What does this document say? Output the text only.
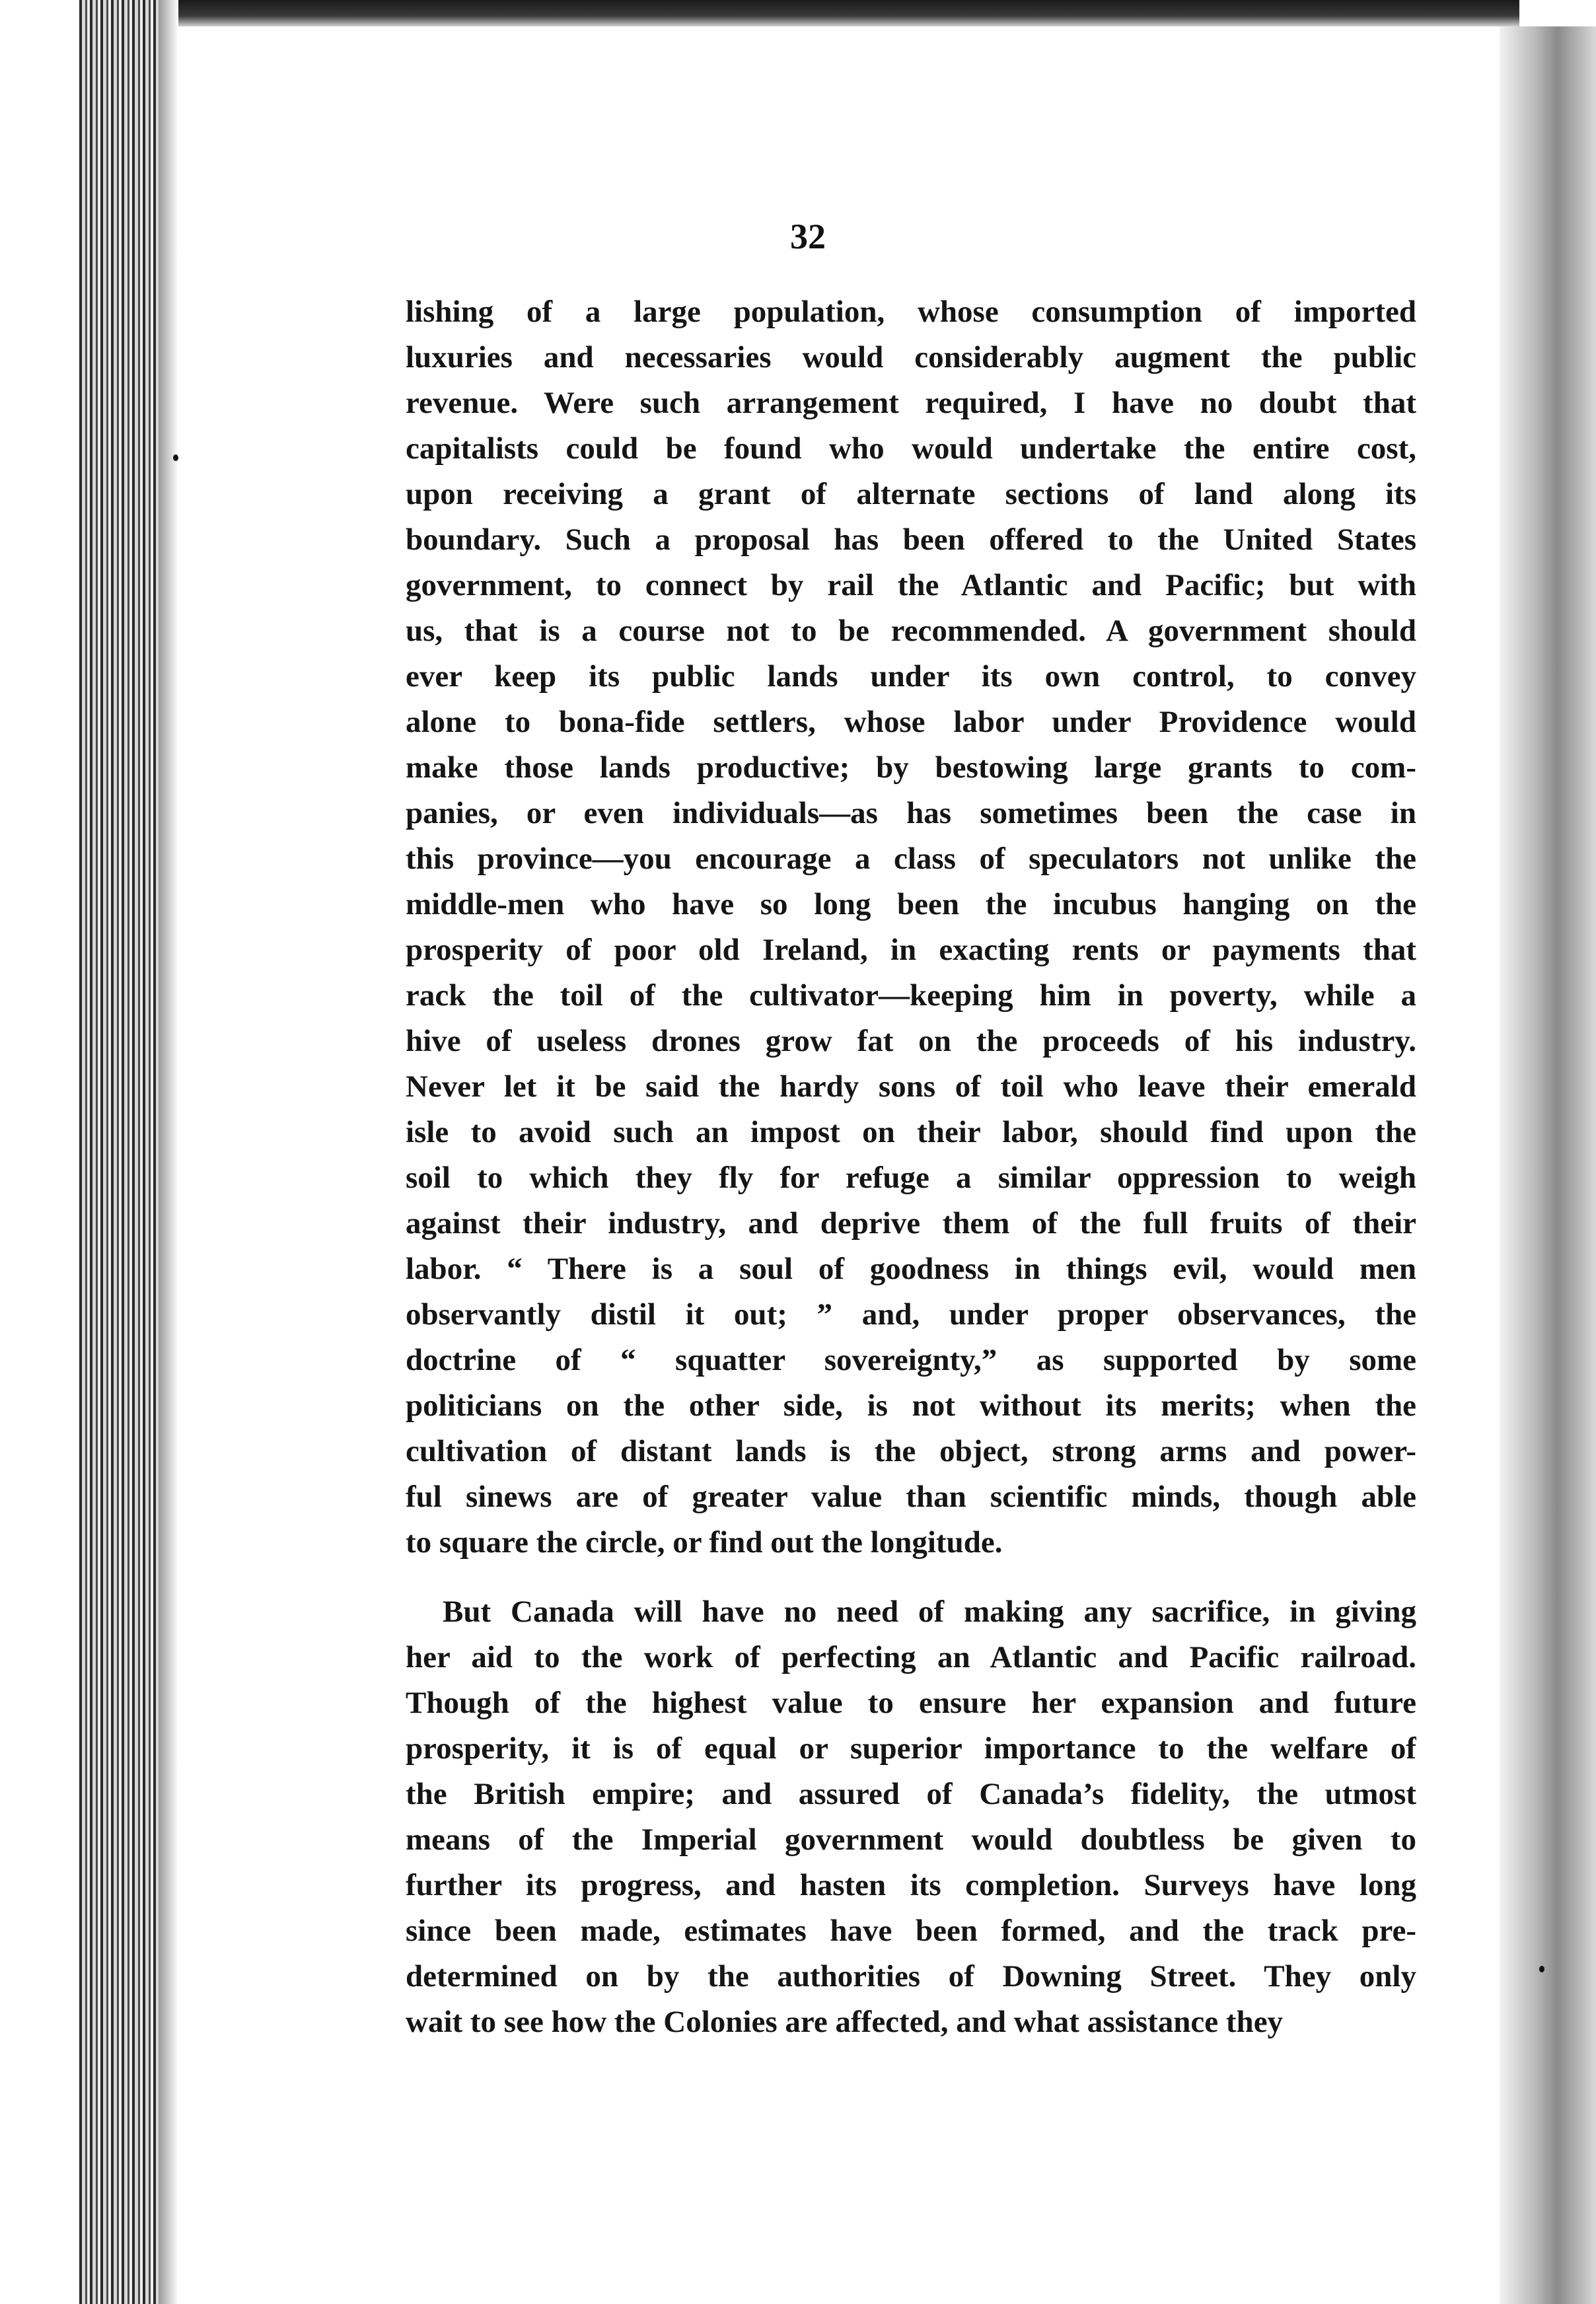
32
lishing of a large population, whose consumption of imported
luxuries and necessaries would considerably augment the public
revenue. Were such arrangement required, I have no doubt that
capitalists could be found who would undertake the entire cost,
upon receiving a grant of alternate sections of land along its
boundary. Such a proposal has been offered to the United States
government, to connect by rail the Atlantic and Pacific; but with
us, that is a course not to be recommended. A government should
ever keep its public lands under its own control, to convey
alone to bona-fide settlers, whose labor under Providence would
make those lands productive; by bestowing large grants to com-
panies, or even individuals—as has sometimes been the case in
this province—you encourage a class of speculators not unlike the
middle-men who have so long been the incubus hanging on the
prosperity of poor old Ireland, in exacting rents or payments that
rack the toil of the cultivator—keeping him in poverty, while a
hive of useless drones grow fat on the proceeds of his industry.
Never let it be said the hardy sons of toil who leave their emerald
isle to avoid such an impost on their labor, should find upon the
soil to which they fly for refuge a similar oppression to weigh
against their industry, and deprive them of the full fruits of their
labor. “ There is a soul of goodness in things evil, would men
observantly distil it out; ” and, under proper observances, the
doctrine of “ squatter sovereignty,” as supported by some
politicians on the other side, is not without its merits; when the
cultivation of distant lands is the object, strong arms and power-
ful sinews are of greater value than scientific minds, though able
to square the circle, or find out the longitude.
But Canada will have no need of making any sacrifice, in giving
her aid to the work of perfecting an Atlantic and Pacific railroad.
Though of the highest value to ensure her expansion and future
prosperity, it is of equal or superior importance to the welfare of
the British empire; and assured of Canada’s fidelity, the utmost
means of the Imperial government would doubtless be given to
further its progress, and hasten its completion. Surveys have long
since been made, estimates have been formed, and the track pre-
determined on by the authorities of Downing Street. They only
wait to see how the Colonies are affected, and what assistance they
